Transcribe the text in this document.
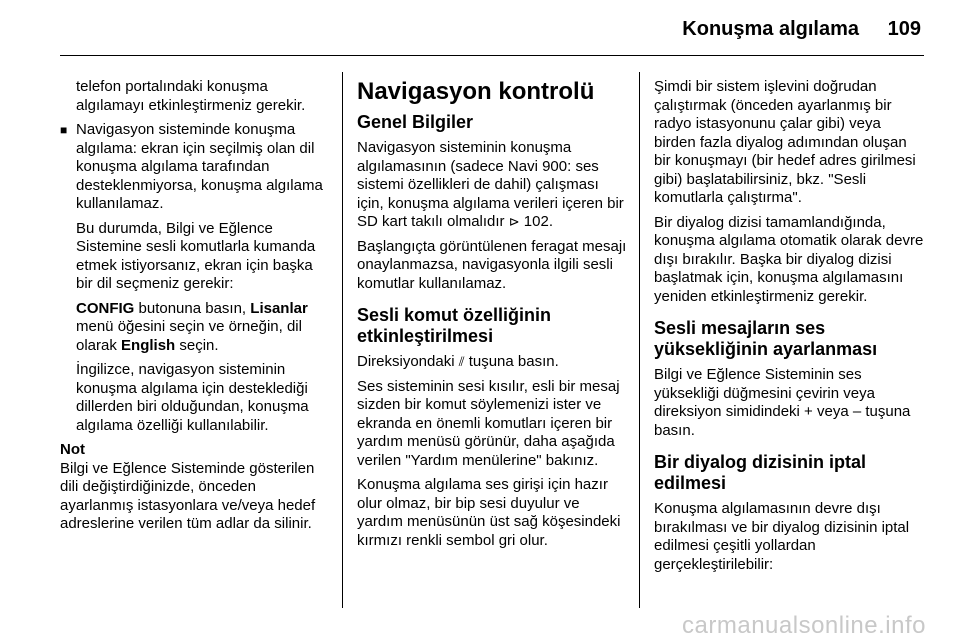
Konuşma algılama 109

telefon portalındaki konuşma algılamayı etkinleştirmeniz gerekir.

■ Navigasyon sisteminde konuşma algılama: ekran için seçilmiş olan dil konuşma algılama tarafından desteklenmiyorsa, konuşma algılama kullanılamaz.

Bu durumda, Bilgi ve Eğlence Sistemine sesli komutlarla kumanda etmek istiyorsanız, ekran için başka bir dil seçmeniz gerekir:

CONFIG butonuna basın, Lisanlar menü öğesini seçin ve örneğin, dil olarak English seçin.

İngilizce, navigasyon sisteminin konuşma algılama için desteklediği dillerden biri olduğundan, konuşma algılama özelliği kullanılabilir.

Not

Bilgi ve Eğlence Sisteminde gösterilen dili değiştirdiğinizde, önceden ayarlanmış istasyonlara ve/veya hedef adreslerine verilen tüm adlar da silinir.

Navigasyon kontrolü

Genel Bilgiler

Navigasyon sisteminin konuşma algılamasının (sadece Navi 900: ses sistemi özellikleri de dahil) çalışması için, konuşma algılama verileri içeren bir SD kart takılı olmalıdır ⊳ 102.

Başlangıçta görüntülenen feragat mesajı onaylanmazsa, navigasyonla ilgili sesli komutlar kullanılamaz.

Sesli komut özelliğinin etkinleştirilmesi

Direksiyondaki ⫽ tuşuna basın.

Ses sisteminin sesi kısılır, esli bir mesaj sizden bir komut söylemenizi ister ve ekranda en önemli komutları içeren bir yardım menüsü görünür, daha aşağıda verilen "Yardım menülerine" bakınız.

Konuşma algılama ses girişi için hazır olur olmaz, bir bip sesi duyulur ve yardım menüsünün üst sağ köşesindeki kırmızı renkli sembol gri olur.

Şimdi bir sistem işlevini doğrudan çalıştırmak (önceden ayarlanmış bir radyo istasyonunu çalar gibi) veya birden fazla diyalog adımından oluşan bir konuşmayı (bir hedef adres girilmesi gibi) başlatabilirsiniz, bkz. "Sesli komutlarla çalıştırma".

Bir diyalog dizisi tamamlandığında, konuşma algılama otomatik olarak devre dışı bırakılır. Başka bir diyalog dizisi başlatmak için, konuşma algılamasını yeniden etkinleştirmeniz gerekir.

Sesli mesajların ses yüksekliğinin ayarlanması

Bilgi ve Eğlence Sisteminin ses yüksekliği düğmesini çevirin veya direksiyon simidindeki + veya – tuşuna basın.

Bir diyalog dizisinin iptal edilmesi

Konuşma algılamasının devre dışı bırakılması ve bir diyalog dizisinin iptal edilmesi çeşitli yollardan gerçekleştirilebilir:

carmanualsonline.info
